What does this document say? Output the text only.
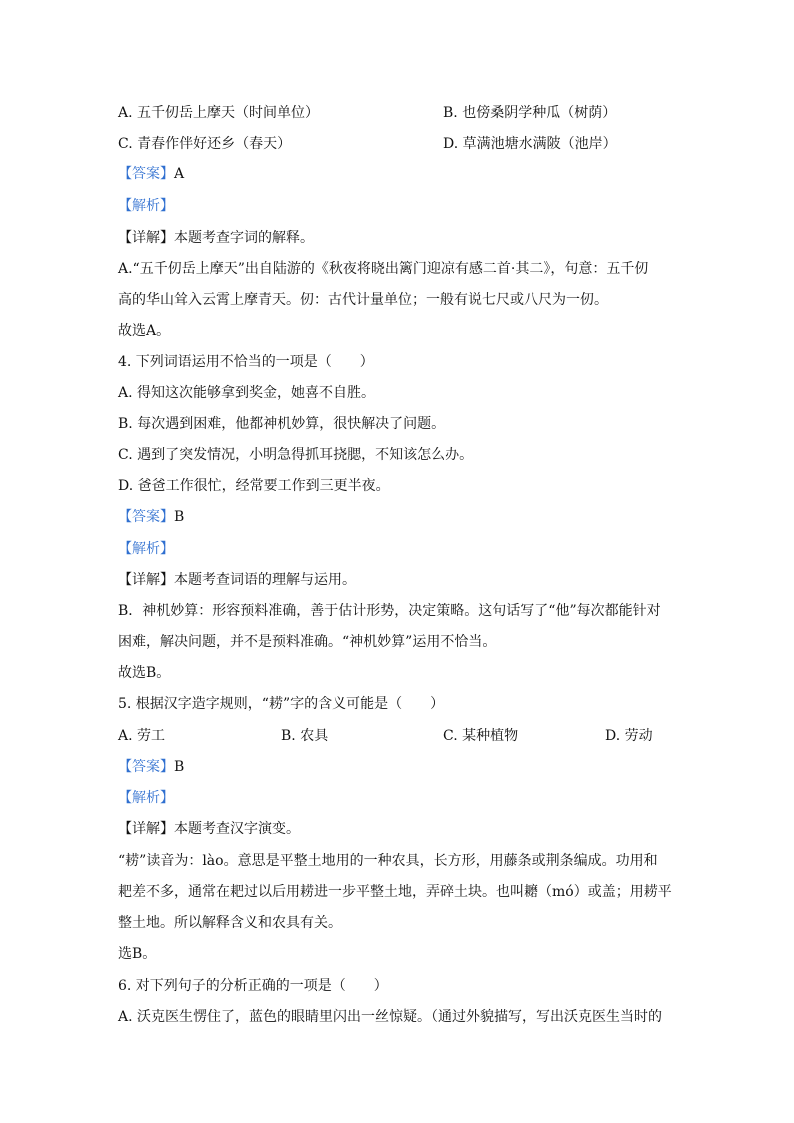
A. 五千仞岳上摩天（时间单位）	B. 也傍桑阴学种瓜（树荫）
C. 青春作伴好还乡（春天）	D. 草满池塘水满陂（池岸）
【答案】A
【解析】
【详解】本题考查字词的解释。
A.“五千仞岳上摩天”出自陆游的《秋夜将晓出篱门迎凉有感二首·其二》，句意：五千仞
高的华山耸入云霄上摩青天。仞：古代计量单位；一般有说七尺或八尺为一仞。
故选A。
4. 下列词语运用不恰当的一项是（　　）
A. 得知这次能够拿到奖金，她喜不自胜。
B. 每次遇到困难，他都神机妙算，很快解决了问题。
C. 遇到了突发情况，小明急得抓耳挠腮，不知该怎么办。
D. 爸爸工作很忙，经常要工作到三更半夜。
【答案】B
【解析】
【详解】本题考查词语的理解与运用。
B．神机妙算：形容预料准确，善于估计形势，决定策略。这句话写了“他”每次都能针对
困难，解决问题，并不是预料准确。“神机妙算”运用不恰当。
故选B。
5. 根据汉字造字规则，“耢”字的含义可能是（　　）
A. 劳工	B. 农具	C. 某种植物	D. 劳动
【答案】B
【解析】
【详解】本题考查汉字演变。
“耢”读音为：lào。意思是平整土地用的一种农具，长方形，用藤条或荆条编成。功用和
耙差不多，通常在耙过以后用耢进一步平整土地，弄碎土块。也叫耱（mó）或盖；用耢平
整土地。所以解释含义和农具有关。
选B。
6. 对下列句子的分析正确的一项是（　　）
A. 沃克医生愣住了，蓝色的眼睛里闪出一丝惊疑。（通过外貌描写，写出沃克医生当时的
